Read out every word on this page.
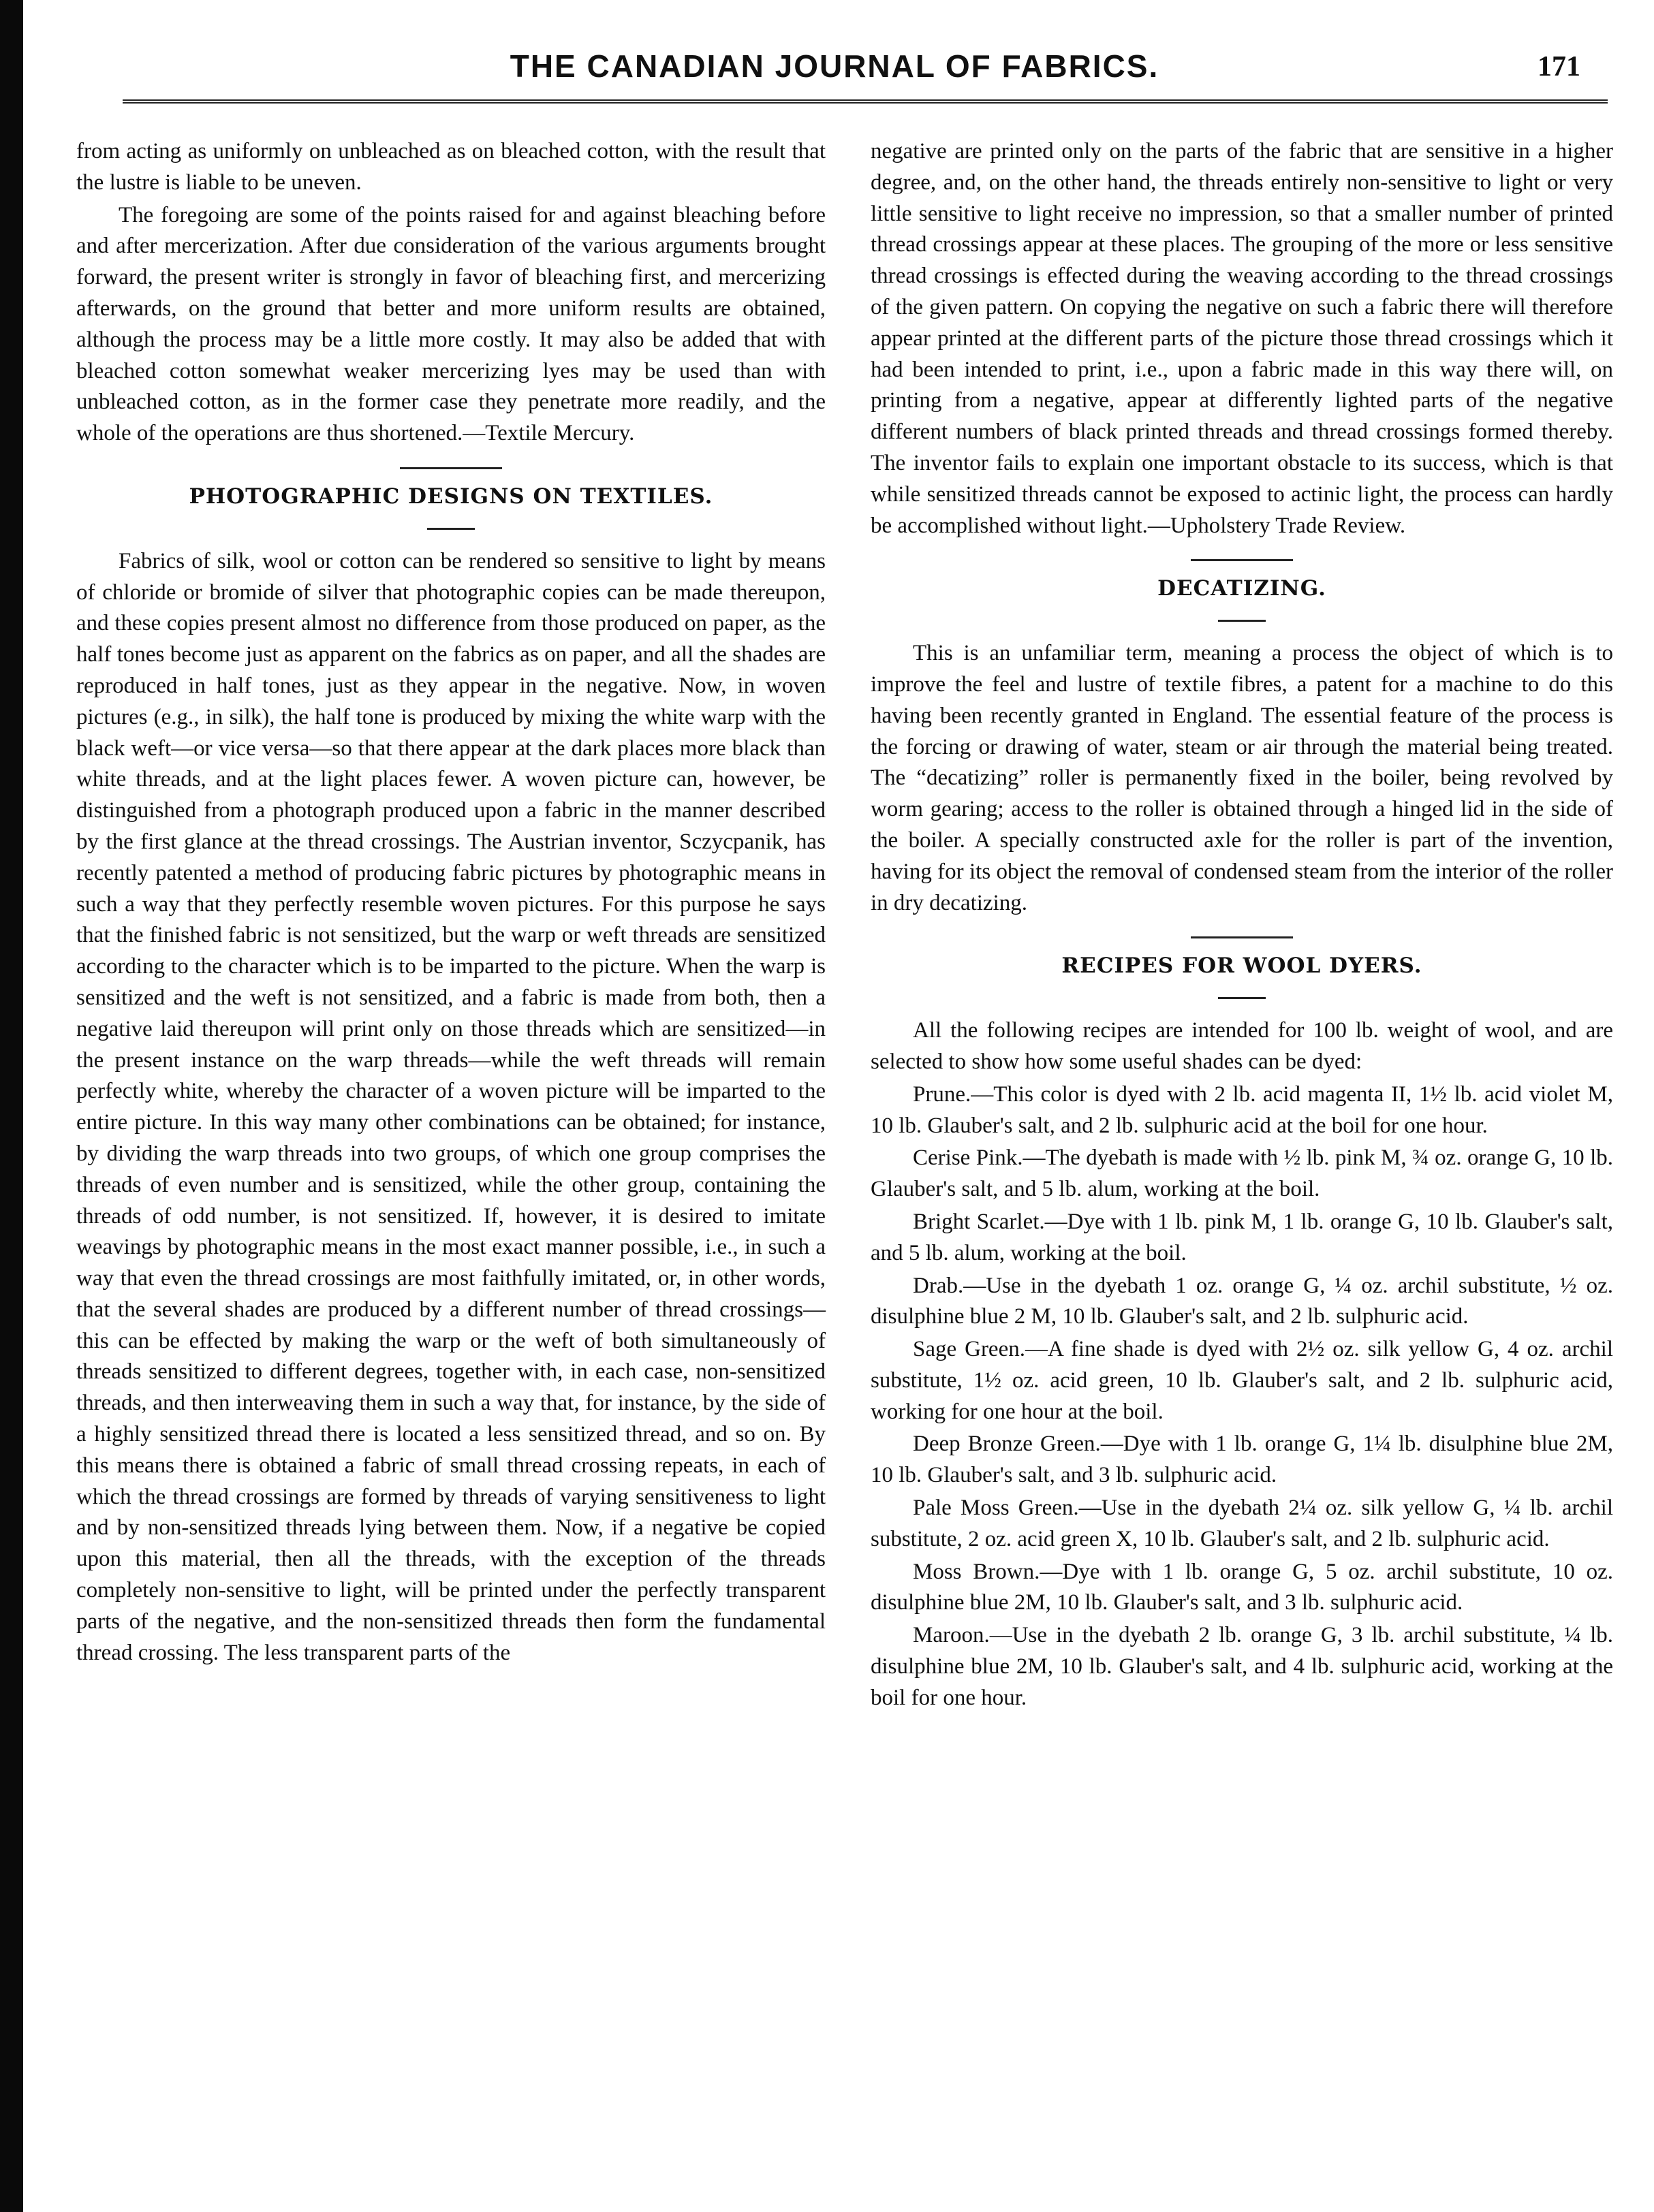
THE CANADIAN JOURNAL OF FABRICS.	171

from acting as uniformly on unbleached as on bleached cotton, with the result that the lustre is liable to be uneven.

The foregoing are some of the points raised for and against bleaching before and after mercerization. After due consideration of the various arguments brought forward, the present writer is strongly in favor of bleaching first, and mercerizing afterwards, on the ground that better and more uniform results are obtained, although the process may be a little more costly. It may also be added that with bleached cotton somewhat weaker mercerizing lyes may be used than with unbleached cotton, as in the former case they penetrate more readily, and the whole of the operations are thus shortened.—Textile Mercury.

PHOTOGRAPHIC DESIGNS ON TEXTILES.

Fabrics of silk, wool or cotton can be rendered so sensitive to light by means of chloride or bromide of silver that photographic copies can be made thereupon, and these copies present almost no difference from those produced on paper, as the half tones become just as apparent on the fabrics as on paper, and all the shades are reproduced in half tones, just as they appear in the negative. Now, in woven pictures (e.g., in silk), the half tone is produced by mixing the white warp with the black weft—or vice versa—so that there appear at the dark places more black than white threads, and at the light places fewer. A woven picture can, however, be distinguished from a photograph produced upon a fabric in the manner described by the first glance at the thread crossings. The Austrian inventor, Sczycpanik, has recently patented a method of producing fabric pictures by photographic means in such a way that they perfectly resemble woven pictures. For this purpose he says that the finished fabric is not sensitized, but the warp or weft threads are sensitized according to the character which is to be imparted to the picture. When the warp is sensitized and the weft is not sensitized, and a fabric is made from both, then a negative laid thereupon will print only on those threads which are sensitized—in the present instance on the warp threads—while the weft threads will remain perfectly white, whereby the character of a woven picture will be imparted to the entire picture. In this way many other combinations can be obtained; for instance, by dividing the warp threads into two groups, of which one group comprises the threads of even number and is sensitized, while the other group, containing the threads of odd number, is not sensitized. If, however, it is desired to imitate weavings by photographic means in the most exact manner possible, i.e., in such a way that even the thread crossings are most faithfully imitated, or, in other words, that the several shades are produced by a different number of thread crossings—this can be effected by making the warp or the weft of both simultaneously of threads sensitized to different degrees, together with, in each case, non-sensitized threads, and then interweaving them in such a way that, for instance, by the side of a highly sensitized thread there is located a less sensitized thread, and so on. By this means there is obtained a fabric of small thread crossing repeats, in each of which the thread crossings are formed by threads of varying sensitiveness to light and by non-sensitized threads lying between them. Now, if a negative be copied upon this material, then all the threads, with the exception of the threads completely non-sensitive to light, will be printed under the perfectly transparent parts of the negative, and the non-sensitized threads then form the fundamental thread crossing. The less transparent parts of the

negative are printed only on the parts of the fabric that are sensitive in a higher degree, and, on the other hand, the threads entirely non-sensitive to light or very little sensitive to light receive no impression, so that a smaller number of printed thread crossings appear at these places. The grouping of the more or less sensitive thread crossings is effected during the weaving according to the thread crossings of the given pattern. On copying the negative on such a fabric there will therefore appear printed at the different parts of the picture those thread crossings which it had been intended to print, i.e., upon a fabric made in this way there will, on printing from a negative, appear at differently lighted parts of the negative different numbers of black printed threads and thread crossings formed thereby. The inventor fails to explain one important obstacle to its success, which is that while sensitized threads cannot be exposed to actinic light, the process can hardly be accomplished without light.—Upholstery Trade Review.

DECATIZING.

This is an unfamiliar term, meaning a process the object of which is to improve the feel and lustre of textile fibres, a patent for a machine to do this having been recently granted in England. The essential feature of the process is the forcing or drawing of water, steam or air through the material being treated. The “decatizing” roller is permanently fixed in the boiler, being revolved by worm gearing; access to the roller is obtained through a hinged lid in the side of the boiler. A specially constructed axle for the roller is part of the invention, having for its object the removal of condensed steam from the interior of the roller in dry decatizing.

RECIPES FOR WOOL DYERS.

All the following recipes are intended for 100 lb. weight of wool, and are selected to show how some useful shades can be dyed:

Prune.—This color is dyed with 2 lb. acid magenta II, 1½ lb. acid violet M, 10 lb. Glauber's salt, and 2 lb. sulphuric acid at the boil for one hour.

Cerise Pink.—The dyebath is made with ½ lb. pink M, ¾ oz. orange G, 10 lb. Glauber's salt, and 5 lb. alum, working at the boil.

Bright Scarlet.—Dye with 1 lb. pink M, 1 lb. orange G, 10 lb. Glauber's salt, and 5 lb. alum, working at the boil.

Drab.—Use in the dyebath 1 oz. orange G, ¼ oz. archil substitute, ½ oz. disulphine blue 2 M, 10 lb. Glauber's salt, and 2 lb. sulphuric acid.

Sage Green.—A fine shade is dyed with 2½ oz. silk yellow G, 4 oz. archil substitute, 1½ oz. acid green, 10 lb. Glauber's salt, and 2 lb. sulphuric acid, working for one hour at the boil.

Deep Bronze Green.—Dye with 1 lb. orange G, 1¼ lb. disulphine blue 2M, 10 lb. Glauber's salt, and 3 lb. sulphuric acid.

Pale Moss Green.—Use in the dyebath 2¼ oz. silk yellow G, ¼ lb. archil substitute, 2 oz. acid green X, 10 lb. Glauber's salt, and 2 lb. sulphuric acid.

Moss Brown.—Dye with 1 lb. orange G, 5 oz. archil substitute, 10 oz. disulphine blue 2M, 10 lb. Glauber's salt, and 3 lb. sulphuric acid.

Maroon.—Use in the dyebath 2 lb. orange G, 3 lb. archil substitute, ¼ lb. disulphine blue 2M, 10 lb. Glauber's salt, and 4 lb. sulphuric acid, working at the boil for one hour.
